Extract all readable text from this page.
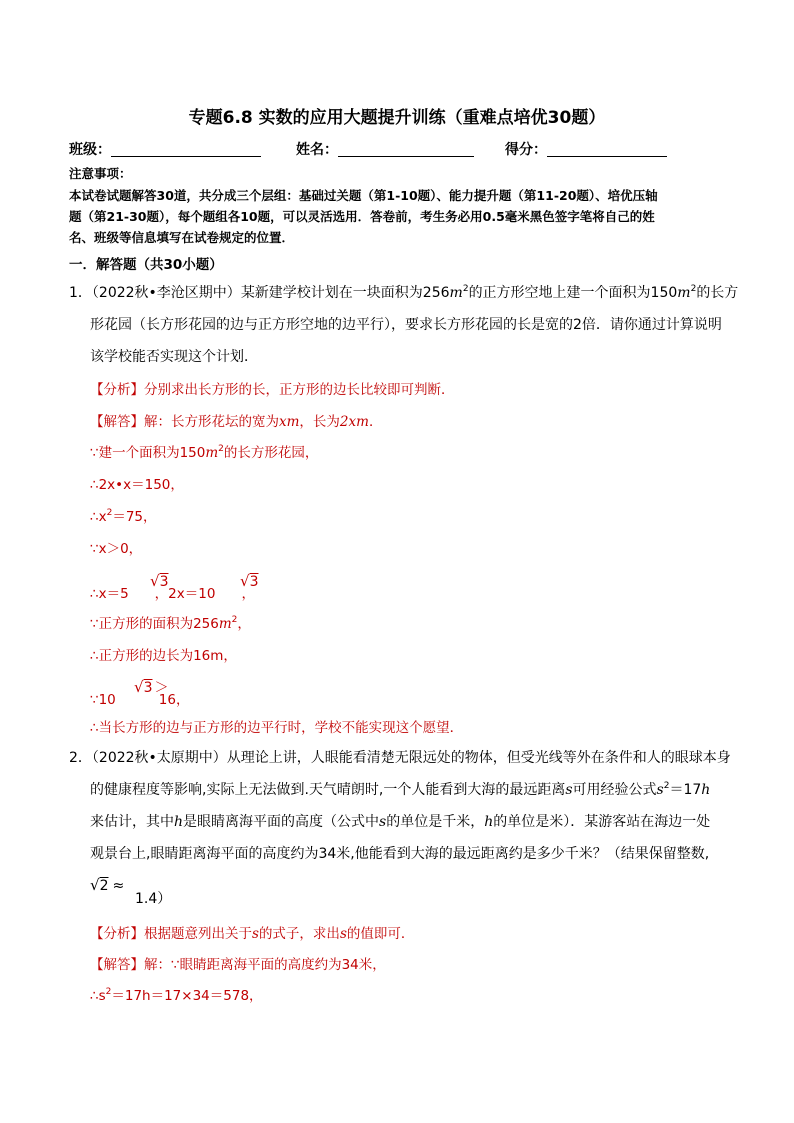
专题6.8 实数的应用大题提升训练（重难点培优30题）
班级：	姓名：	得分：
注意事项：
本试卷试题解答30道，共分成三个层组：基础过关题（第1-10题）、能力提升题（第11-20题）、培优压轴
题（第21-30题），每个题组各10题，可以灵活选用．答卷前，考生务必用0.5毫米黑色签字笔将自己的姓
名、班级等信息填写在试卷规定的位置．
一．解答题（共30小题）
1．（2022秋•李沧区期中）某新建学校计划在一块面积为$256m^2$的正方形空地上建一个面积为$150m^2$的长方
形花园（长方形花园的边与正方形空地的边平行），要求长方形花园的长是宽的2倍．请你通过计算说明
该学校能否实现这个计划．
【分析】分别求出长方形的长，正方形的边长比较即可判断．
【解答】解：长方形花坛的宽为xm，长为2xm．
∵建一个面积为$150m^2$的长方形花园，
∴2x•x＝150，
$\therefore x^2=75$，
∵x＞0，
∴x＝5 ，2x＝10 ，
√3	√3
∵正方形的面积为$256m^2$，
∴正方形的边长为16m，
∵10	16，
√3 ＞
∴当长方形的边与正方形的边平行时，学校不能实现这个愿望．
2．（2022秋•太原期中）从理论上讲，人眼能看清楚无限远处的物体，但受光线等外在条件和人的眼球本身
的健康程度等影响,实际上无法做到.天气晴朗时,一个人能看到大海的最远距离s可用经验公式$s^2=17h$
来估计，其中h是眼睛离海平面的高度（公式中s的单位是千米，h的单位是米）．某游客站在海边一处
观景台上,眼睛距离海平面的高度约为34米,他能看到大海的最远距离约是多少千米？（结果保留整数,
√2 ≈
1.4）
【分析】根据题意列出关于s的式子，求出s的值即可．
【解答】解：∵眼睛距离海平面的高度约为34米，
$\therefore s^2=17h=17\times 34=578$，
